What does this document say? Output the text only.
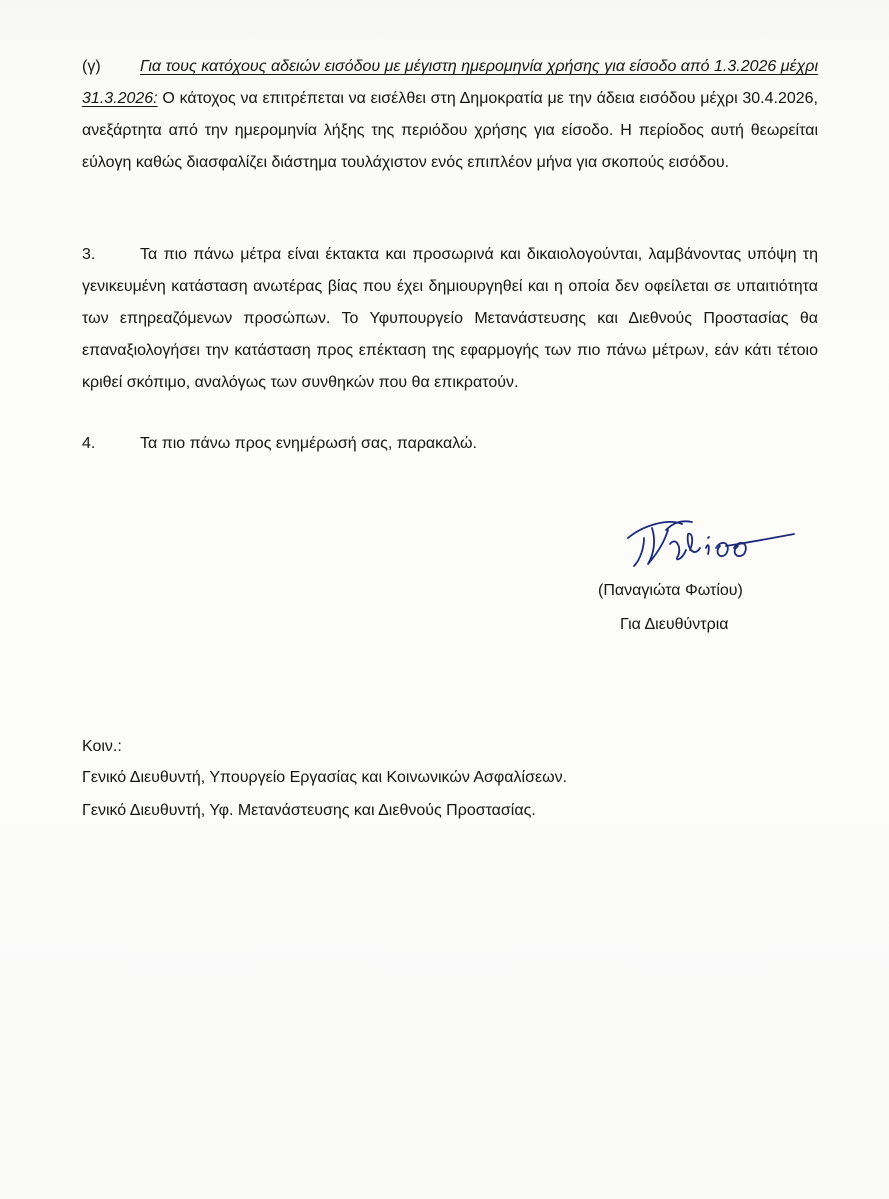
(γ) Για τους κατόχους αδειών εισόδου με μέγιστη ημερομηνία χρήσης για είσοδο από 1.3.2026 μέχρι 31.3.2026: Ο κάτοχος να επιτρέπεται να εισέλθει στη Δημοκρατία με την άδεια εισόδου μέχρι 30.4.2026, ανεξάρτητα από την ημερομηνία λήξης της περιόδου χρήσης για είσοδο. Η περίοδος αυτή θεωρείται εύλογη καθώς διασφαλίζει διάστημα τουλάχιστον ενός επιπλέον μήνα για σκοπούς εισόδου.
3.	Τα πιο πάνω μέτρα είναι έκτακτα και προσωρινά και δικαιολογούνται, λαμβάνοντας υπόψη τη γενικευμένη κατάσταση ανωτέρας βίας που έχει δημιουργηθεί και η οποία δεν οφείλεται σε υπαιτιότητα των επηρεαζόμενων προσώπων. Το Υφυπουργείο Μετανάστευσης και Διεθνούς Προστασίας θα επαναξιολογήσει την κατάσταση προς επέκταση της εφαρμογής των πιο πάνω μέτρων, εάν κάτι τέτοιο κριθεί σκόπιμο, αναλόγως των συνθηκών που θα επικρατούν.
4.	Τα πιο πάνω προς ενημέρωσή σας, παρακαλώ.
(Παναγιώτα Φωτίου)
Για Διευθύντρια
Κοιν.:
Γενικό Διευθυντή, Υπουργείο Εργασίας και Κοινωνικών Ασφαλίσεων.
Γενικό Διευθυντή, Υφ. Μετανάστευσης και Διεθνούς Προστασίας.
